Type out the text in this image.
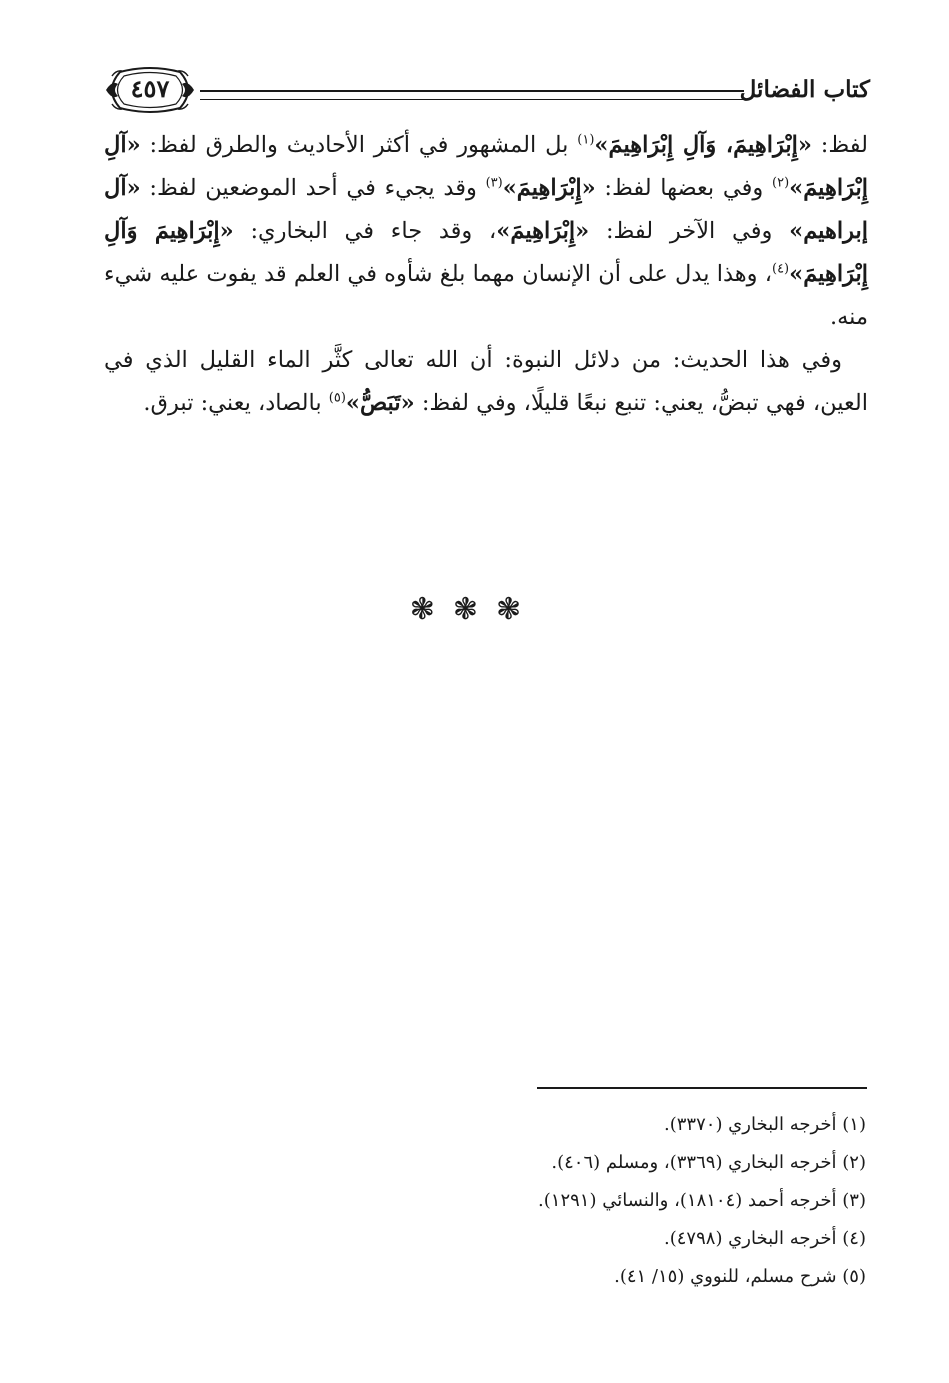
كتاب الفضائل
٤٥٧

لفظ: «إِبْرَاهِيمَ، وَآلِ إِبْرَاهِيمَ»$^{(١)}$ بل المشهور في أكثر الأحاديث والطرق لفظ: «آلِ إِبْرَاهِيمَ»$^{(٢)}$ وفي بعضها لفظ: «إِبْرَاهِيمَ»$^{(٣)}$ وقد يجيء في أحد الموضعين لفظ: «آل إبراهيم» وفي الآخر لفظ: «إِبْرَاهِيمَ»، وقد جاء في البخاري: «إِبْرَاهِيمَ وَآلِ إِبْرَاهِيمَ»$^{(٤)}$، وهذا يدل على أن الإنسان مهما بلغ شأوه في العلم قد يفوت عليه شيء منه.

وفي هذا الحديث: من دلائل النبوة: أن الله تعالى كثَّر الماء القليل الذي في العين، فهي تبضُّ، يعني: تنبع نبعًا قليلًا، وفي لفظ: «تَبَصُّ»$^{(٥)}$ بالصاد، يعني: تبرق.

❃❃❃
(١) أخرجه البخاري (٣٣٧٠).
(٢) أخرجه البخاري (٣٣٦٩)، ومسلم (٤٠٦).
(٣) أخرجه أحمد (١٨١٠٤)، والنسائي (١٢٩١).
(٤) أخرجه البخاري (٤٧٩٨).
(٥) شرح مسلم، للنووي (١٥/ ٤١).
